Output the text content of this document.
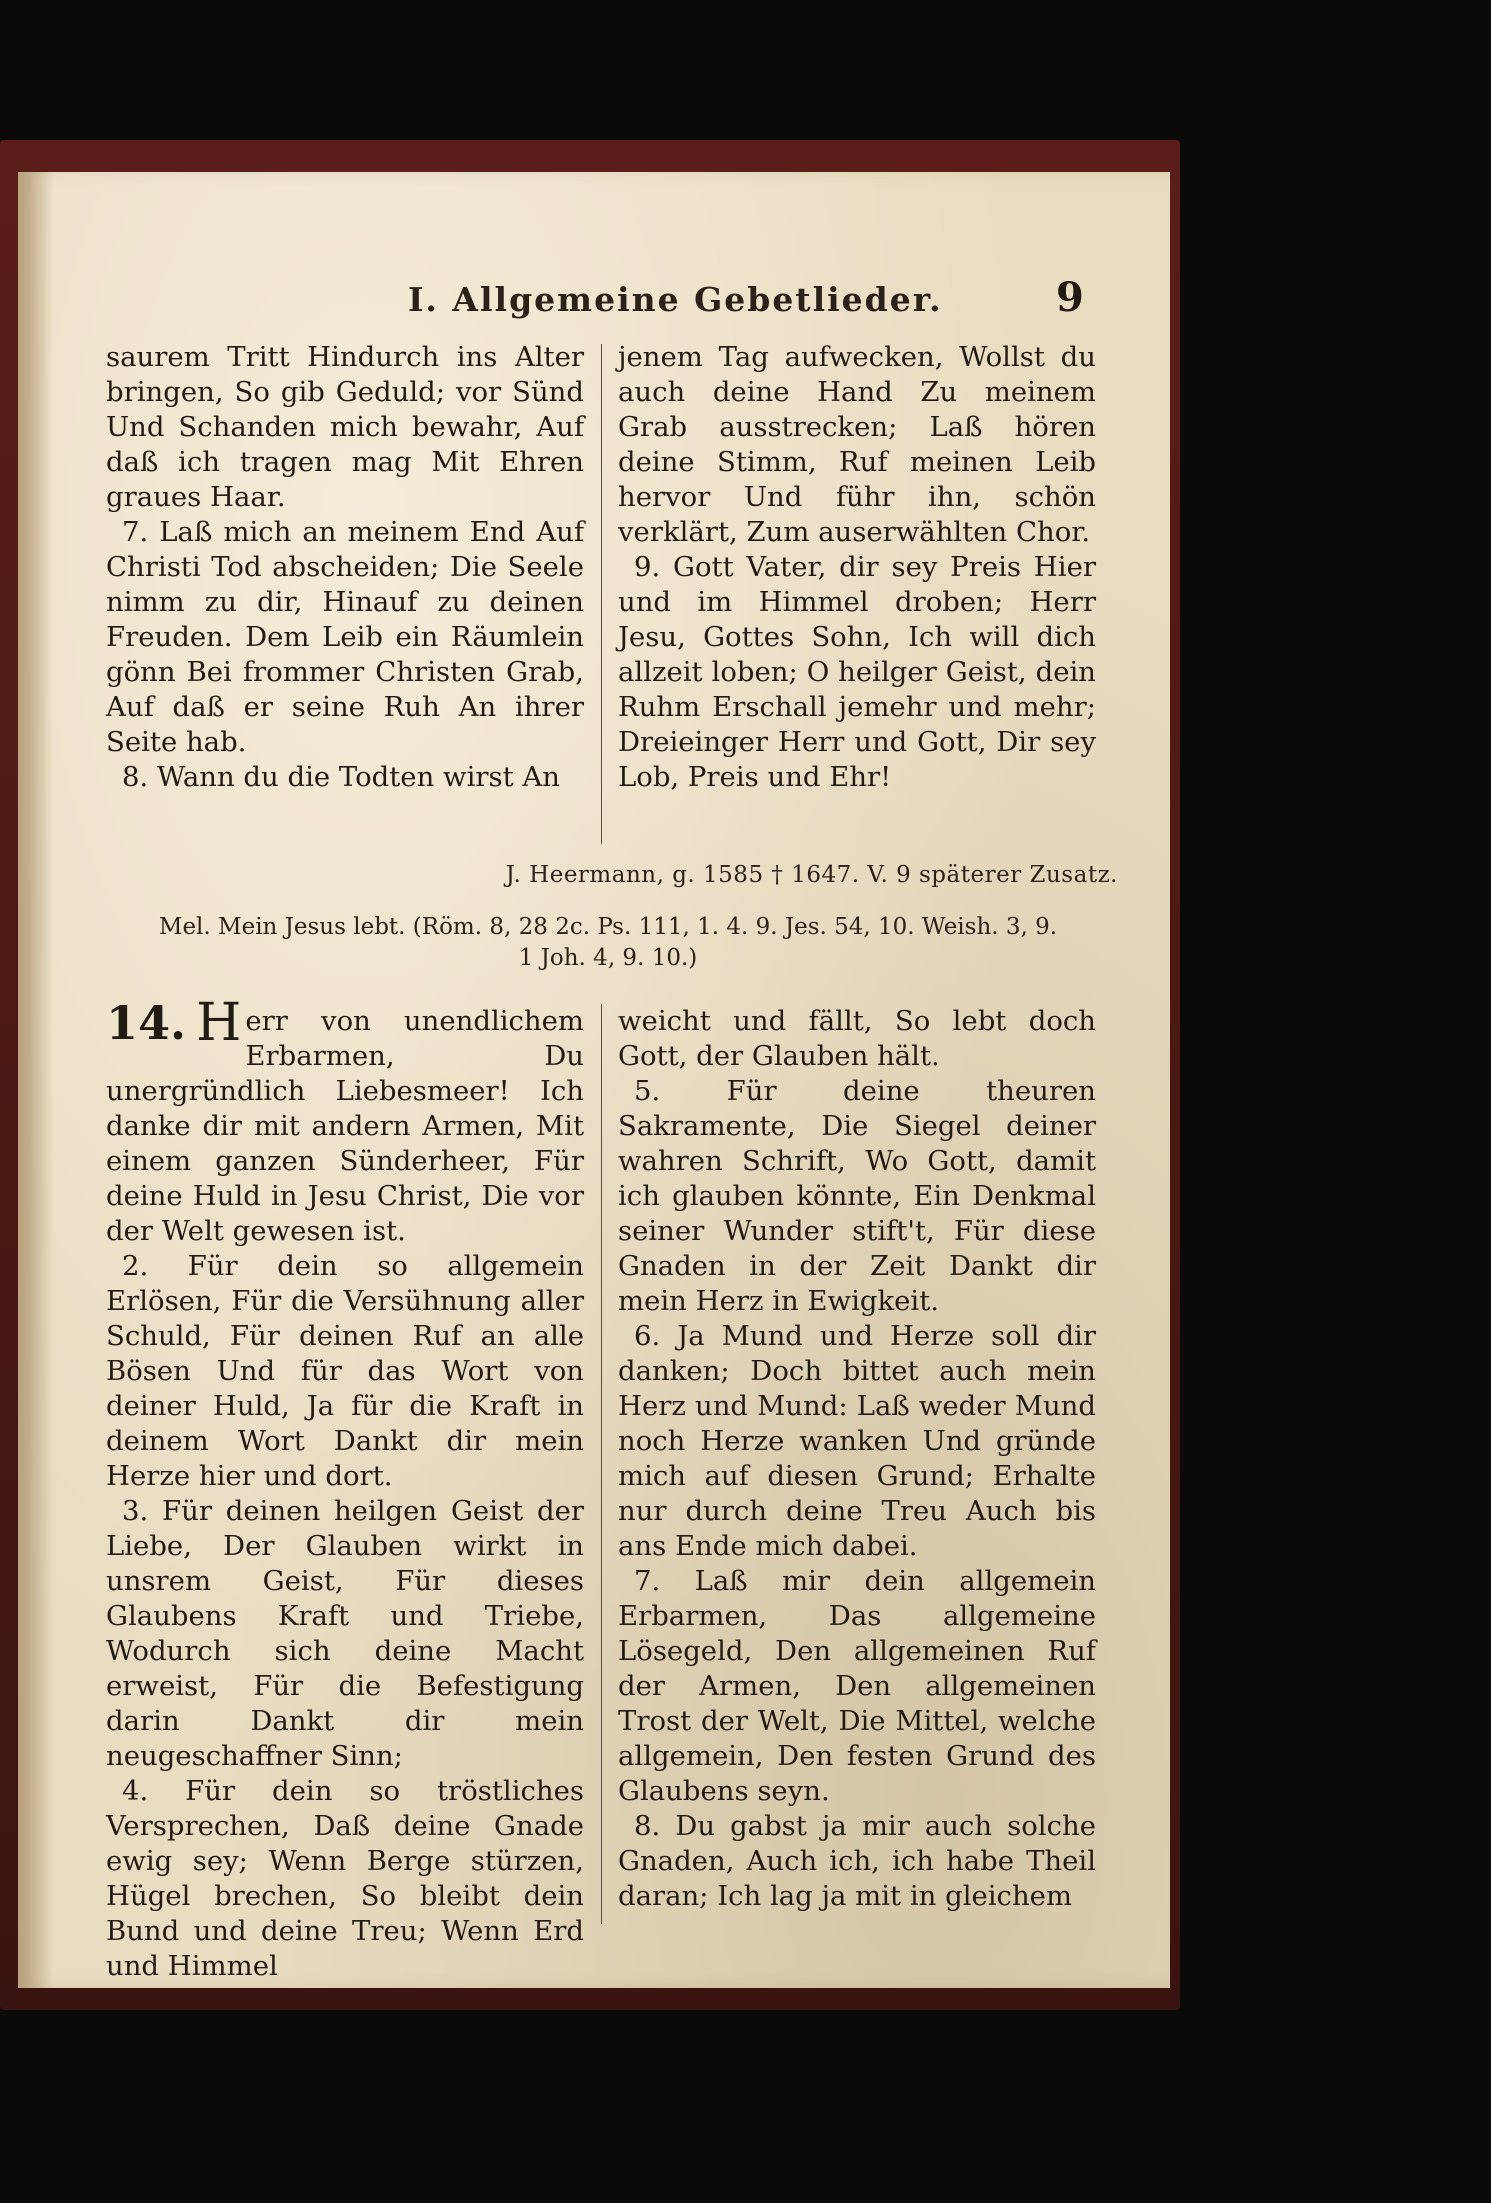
I. Allgemeine Gebetlieder.	9

saurem Tritt Hindurch ins Alter bringen, So gib Geduld; vor Sünd Und Schanden mich bewahr, Auf daß ich tragen mag Mit Ehren graues Haar.

7. Laß mich an meinem End Auf Christi Tod abscheiden; Die Seele nimm zu dir, Hinauf zu deinen Freuden. Dem Leib ein Räumlein gönn Bei frommer Christen Grab, Auf daß er seine Ruh An ihrer Seite hab.

8. Wann du die Todten wirst An

jenem Tag aufwecken, Wollst du auch deine Hand Zu meinem Grab ausstrecken; Laß hören deine Stimm, Ruf meinen Leib hervor Und führ ihn, schön verklärt, Zum auserwählten Chor.

9. Gott Vater, dir sey Preis Hier und im Himmel droben; Herr Jesu, Gottes Sohn, Ich will dich allzeit loben; O heilger Geist, dein Ruhm Erschall jemehr und mehr; Dreieinger Herr und Gott, Dir sey Lob, Preis und Ehr!

J. Heermann, g. 1585 † 1647. V. 9 späterer Zusatz.
Mel. Mein Jesus lebt. (Röm. 8, 28 2c. Ps. 111, 1. 4. 9. Jes. 54, 10. Weish. 3, 9.
1 Joh. 4, 9. 10.)

14. H err von unendlichem Erbarmen, Du unergründlich Liebesmeer! Ich danke dir mit andern Armen, Mit einem ganzen Sünderheer, Für deine Huld in Jesu Christ, Die vor der Welt gewesen ist.

2. Für dein so allgemein Erlösen, Für die Versühnung aller Schuld, Für deinen Ruf an alle Bösen Und für das Wort von deiner Huld, Ja für die Kraft in deinem Wort Dankt dir mein Herze hier und dort.

3. Für deinen heilgen Geist der Liebe, Der Glauben wirkt in unsrem Geist, Für dieses Glaubens Kraft und Triebe, Wodurch sich deine Macht erweist, Für die Befestigung darin Dankt dir mein neugeschaffner Sinn;

4. Für dein so tröstliches Versprechen, Daß deine Gnade ewig sey; Wenn Berge stürzen, Hügel brechen, So bleibt dein Bund und deine Treu; Wenn Erd und Himmel

weicht und fällt, So lebt doch Gott, der Glauben hält.

5. Für deine theuren Sakramente, Die Siegel deiner wahren Schrift, Wo Gott, damit ich glauben könnte, Ein Denkmal seiner Wunder stift't, Für diese Gnaden in der Zeit Dankt dir mein Herz in Ewigkeit.

6. Ja Mund und Herze soll dir danken; Doch bittet auch mein Herz und Mund: Laß weder Mund noch Herze wanken Und gründe mich auf diesen Grund; Erhalte nur durch deine Treu Auch bis ans Ende mich dabei.

7. Laß mir dein allgemein Erbarmen, Das allgemeine Lösegeld, Den allgemeinen Ruf der Armen, Den allgemeinen Trost der Welt, Die Mittel, welche allgemein, Den festen Grund des Glaubens seyn.

8. Du gabst ja mir auch solche Gnaden, Auch ich, ich habe Theil daran; Ich lag ja mit in gleichem
